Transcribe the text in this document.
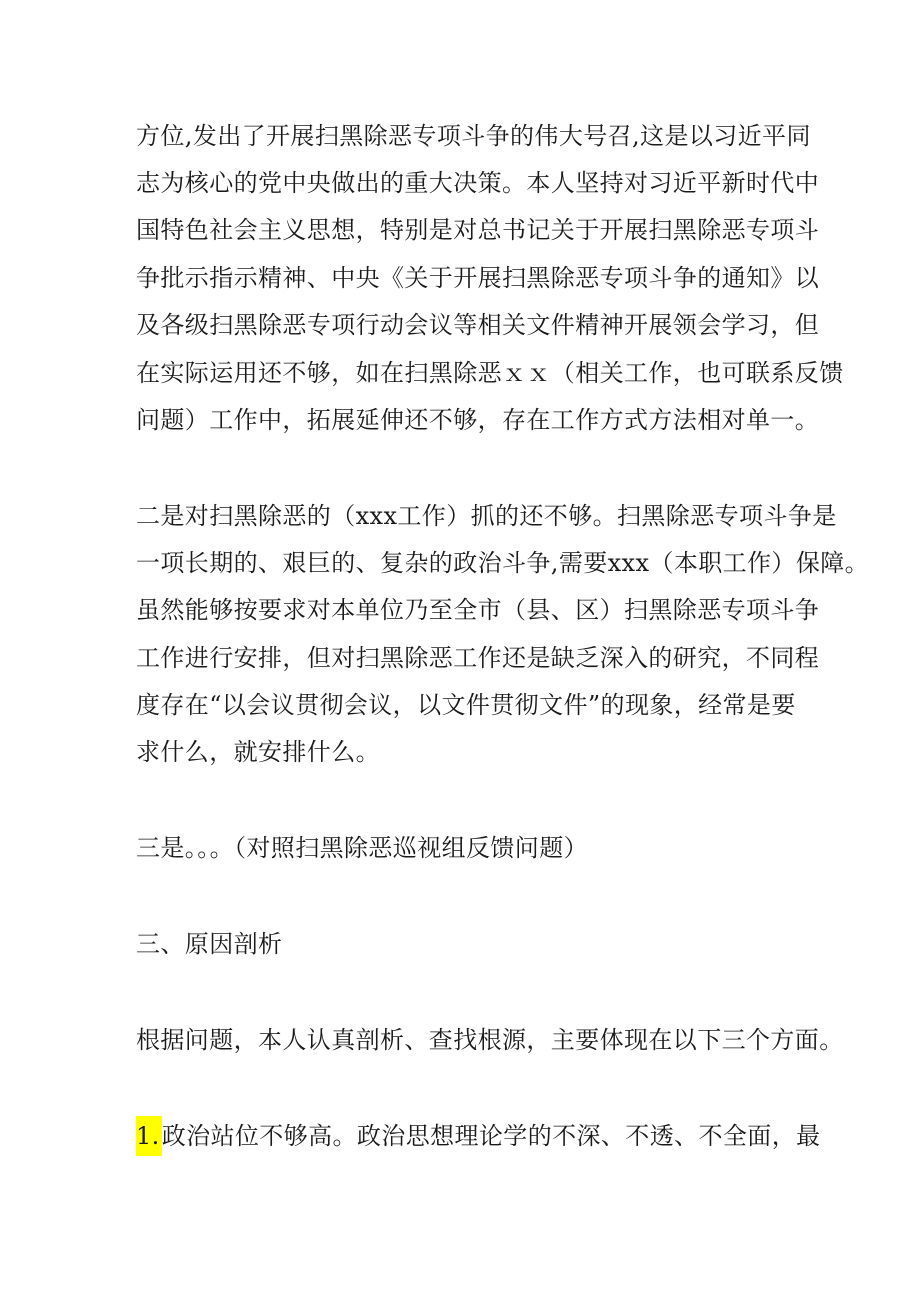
方位,发出了开展扫黑除恶专项斗争的伟大号召,这是以习近平同
志为核心的党中央做出的重大决策。本人坚持对习近平新时代中
国特色社会主义思想，特别是对总书记关于开展扫黑除恶专项斗
争批示指示精神、中央《关于开展扫黑除恶专项斗争的通知》以
及各级扫黑除恶专项行动会议等相关文件精神开展领会学习，但
在实际运用还不够，如在扫黑除恶ｘｘ（相关工作，也可联系反馈
问题）工作中，拓展延伸还不够，存在工作方式方法相对单一。
二是对扫黑除恶的（xxx工作）抓的还不够。扫黑除恶专项斗争是
一项长期的、艰巨的、复杂的政治斗争,需要xxx（本职工作）保障。
虽然能够按要求对本单位乃至全市（县、区）扫黑除恶专项斗争
工作进行安排，但对扫黑除恶工作还是缺乏深入的研究，不同程
度存在“以会议贯彻会议，以文件贯彻文件”的现象，经常是要
求什么，就安排什么。
三是。。。（对照扫黑除恶巡视组反馈问题）
三、原因剖析
根据问题，本人认真剖析、查找根源，主要体现在以下三个方面。
1.政治站位不够高。政治思想理论学的不深、不透、不全面，最
